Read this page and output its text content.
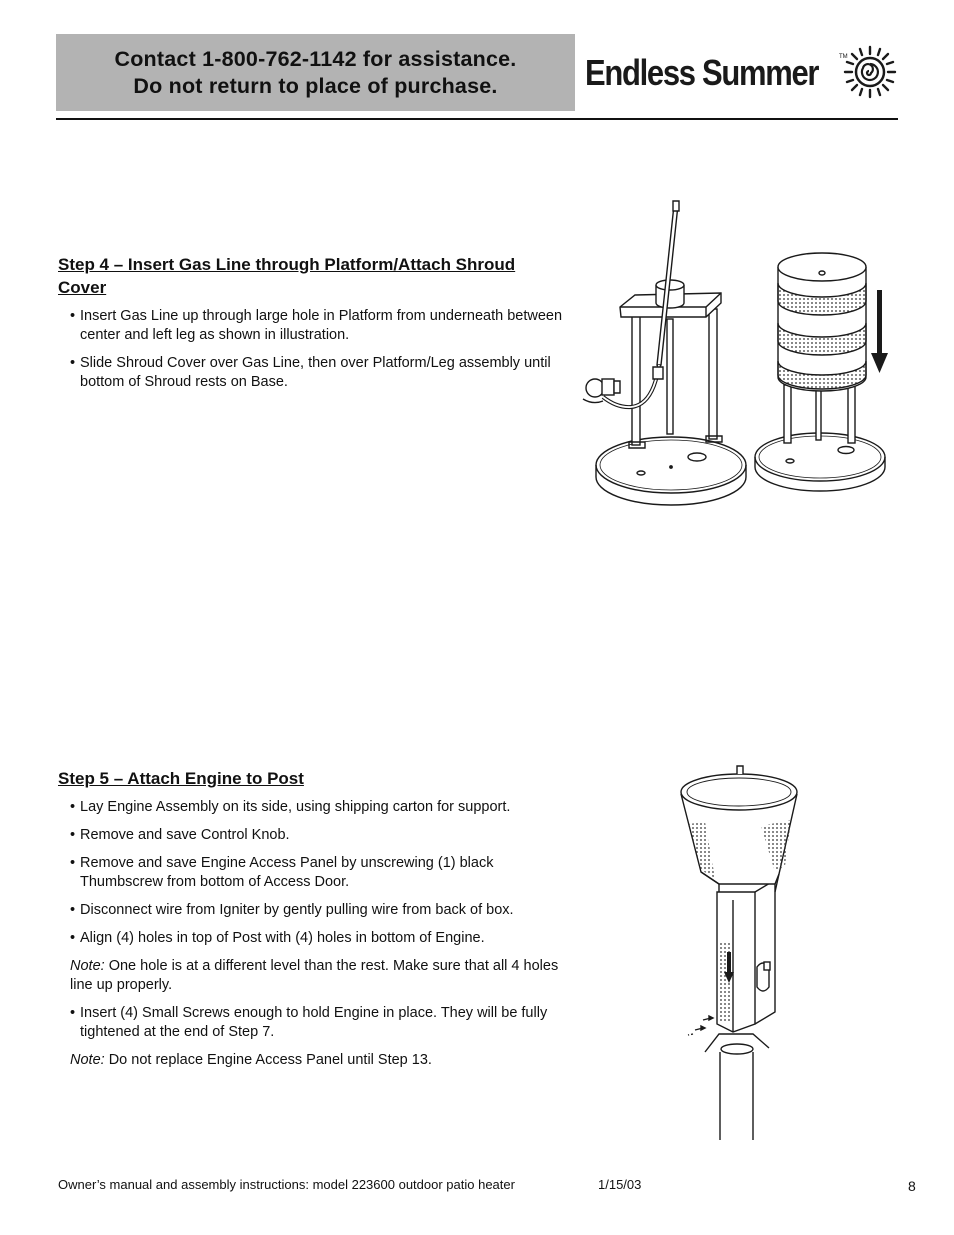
Contact 1-800-762-1142 for assistance.
Do not return to place of purchase. Endless Summer	TM
Step 4 – Insert Gas Line through Platform/Attach Shroud Cover
• Insert Gas Line up through large hole in Platform from underneath between center and left leg as shown in illustration.
• Slide Shroud Cover over Gas Line, then over Platform/Leg assembly until bottom of Shroud rests on Base.
Step 5 – Attach Engine to Post
• Lay Engine Assembly on its side, using shipping carton for support.
• Remove and save Control Knob.
• Remove and save Engine Access Panel by unscrewing (1) black Thumbscrew from bottom of Access Door.
• Disconnect wire from Igniter by gently pulling wire from back of box.
• Align (4) holes in top of Post with (4) holes in bottom of Engine.
Note: One hole is at a different level than the rest. Make sure that all 4 holes line up properly.
• Insert (4) Small Screws enough to hold Engine in place. They will be fully tightened at the end of Step 7.
Note: Do not replace Engine Access Panel until Step 13.
Owner’s manual and assembly instructions: model 223600 outdoor patio heater	1/15/03	8
